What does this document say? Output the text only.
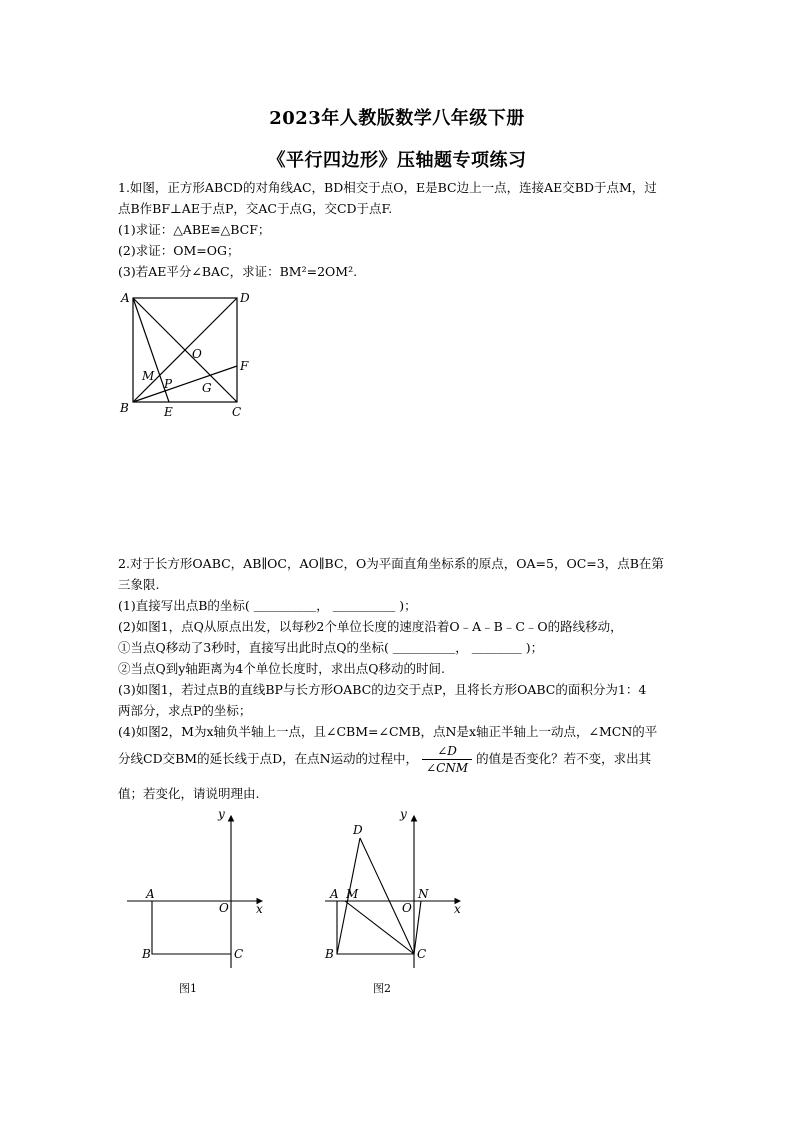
2023年人教版数学八年级下册
《平行四边形》压轴题专项练习
1.如图，正方形ABCD的对角线AC，BD相交于点O，E是BC边上一点，连接AE交BD于点M，过
点B作BF⊥AE于点P，交AC于点G，交CD于点F.
(1)求证：△ABE≌△BCF；
(2)求证：OM=OG；
(3)若AE平分∠BAC，求证：BM²=2OM².
A	D
O
M
P G
F
B	E	C
2.对于长方形OABC，AB∥OC，AO∥BC，O为平面直角坐标系的原点，OA=5，OC=3，点B在第
三象限.
(1)直接写出点B的坐标( ＿＿＿＿＿， ＿＿＿＿＿ )；
(2)如图1，点Q从原点出发，以每秒2个单位长度的速度沿着O﹣A﹣B﹣C﹣O的路线移动，
①当点Q移动了3秒时，直接写出此时点Q的坐标( ＿＿＿＿＿， ＿＿＿＿ )；
②当点Q到y轴距离为4个单位长度时，求出点Q移动的时间.
(3)如图1，若过点B的直线BP与长方形OABC的边交于点P，且将长方形OABC的面积分为1：4
两部分，求点P的坐标；
(4)如图2，M为x轴负半轴上一点，且∠CBM=∠CMB，点N是x轴正半轴上一动点，∠MCN的平
分线CD交BM的延长线于点D，在点N运动的过程中， $\frac{\angle D}{\text{∠CNM}}$ 的值是否变化？若不变，求出其
值；若变化，请说明理由.
y
x
A
O
B	C
图1
y
x
D
A M
O
N
B	C
图2
